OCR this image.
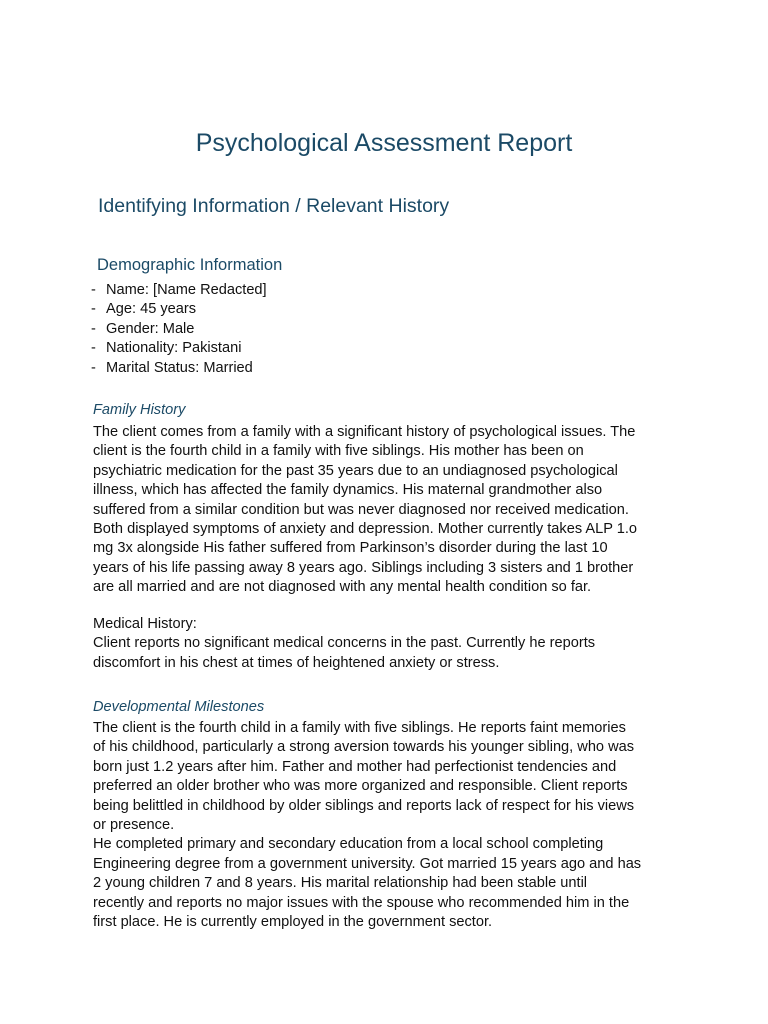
Psychological Assessment Report
Identifying Information / Relevant History
Demographic Information
- Name: [Name Redacted]
- Age: 45 years
- Gender: Male
- Nationality: Pakistani
- Marital Status: Married
Family History

The client comes from a family with a significant history of psychological issues. The
client is the fourth child in a family with five siblings. His mother has been on
psychiatric medication for the past 35 years due to an undiagnosed psychological
illness, which has affected the family dynamics. His maternal grandmother also
suffered from a similar condition but was never diagnosed nor received medication.
Both displayed symptoms of anxiety and depression. Mother currently takes ALP 1.o
mg 3x alongside His father suffered from Parkinson’s disorder during the last 10
years of his life passing away 8 years ago. Siblings including 3 sisters and 1 brother
are all married and are not diagnosed with any mental health condition so far.

Medical History:
Client reports no significant medical concerns in the past. Currently he reports
discomfort in his chest at times of heightened anxiety or stress.

Developmental Milestones

The client is the fourth child in a family with five siblings. He reports faint memories
of his childhood, particularly a strong aversion towards his younger sibling, who was
born just 1.2 years after him. Father and mother had perfectionist tendencies and
preferred an older brother who was more organized and responsible. Client reports
being belittled in childhood by older siblings and reports lack of respect for his views
or presence.
He completed primary and secondary education from a local school completing
Engineering degree from a government university. Got married 15 years ago and has
2 young children 7 and 8 years. His marital relationship had been stable until
recently and reports no major issues with the spouse who recommended him in the
first place. He is currently employed in the government sector.
